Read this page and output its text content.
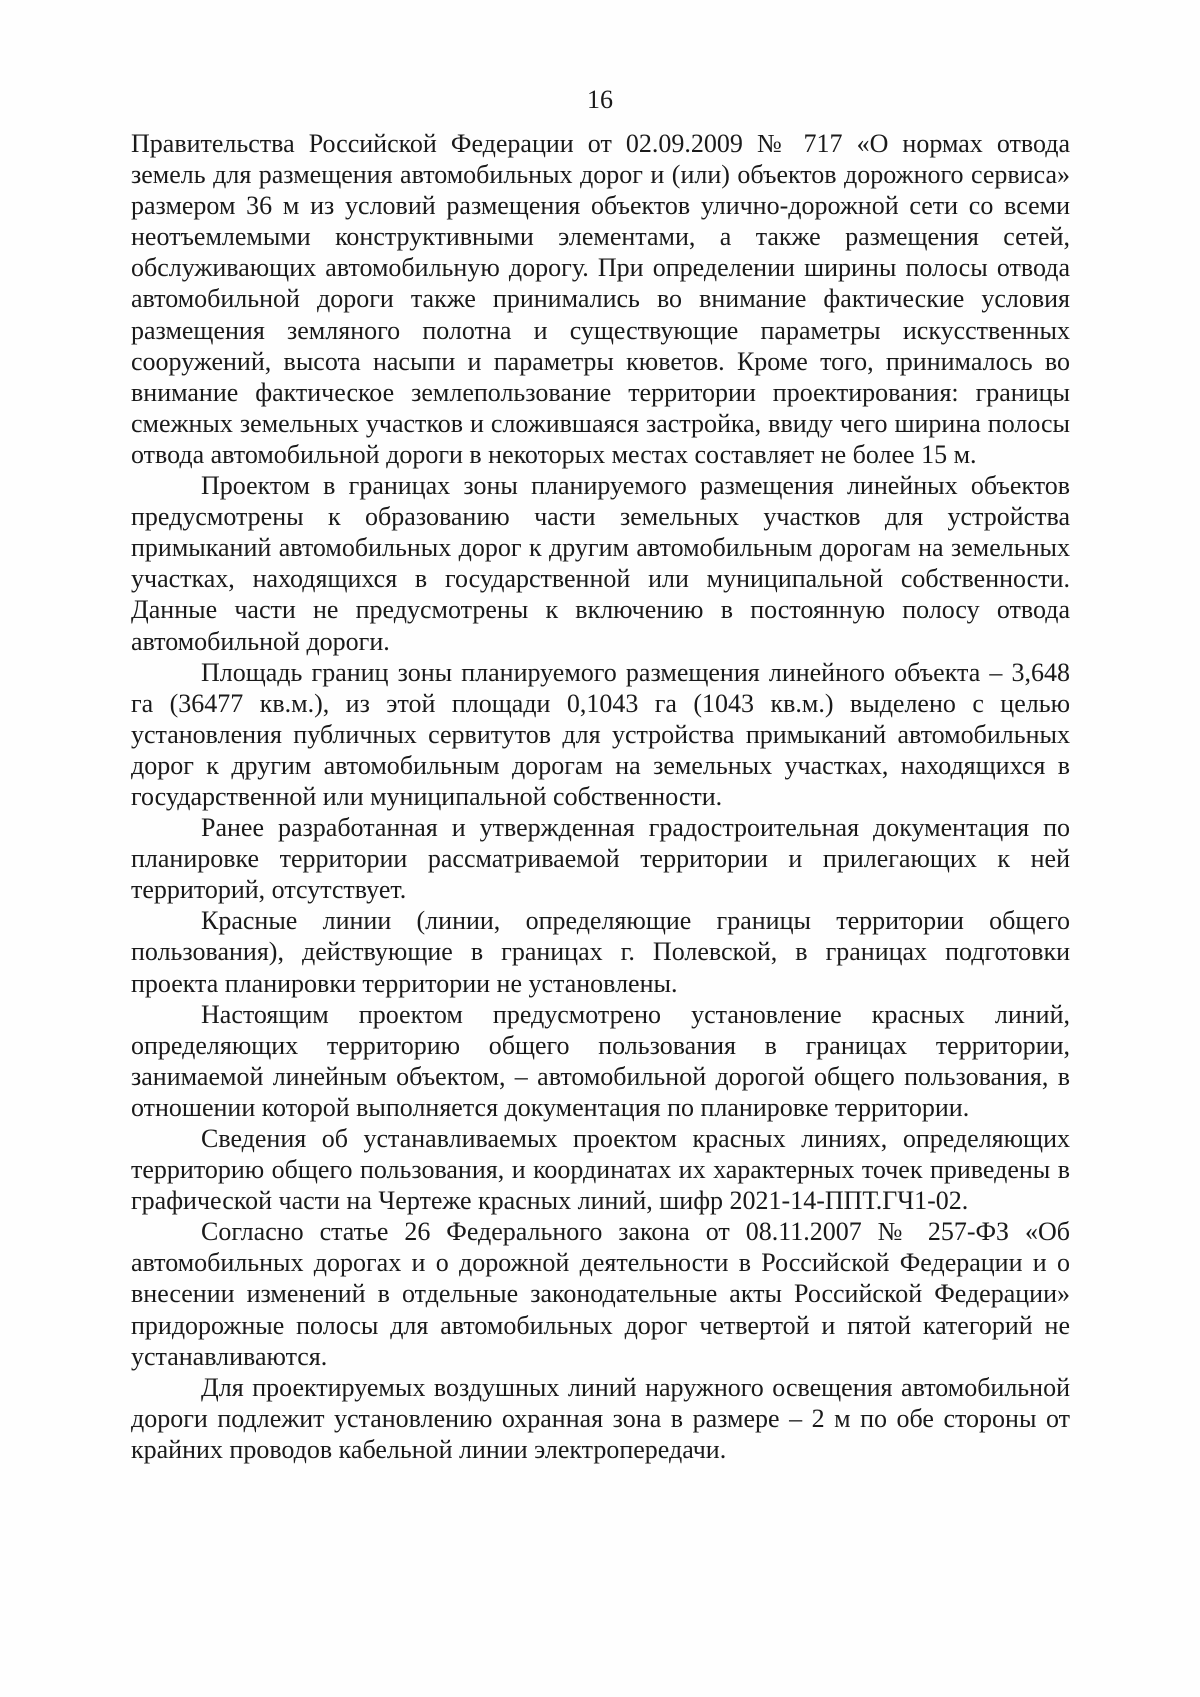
16

Правительства Российской Федерации от 02.09.2009 № 717 «О нормах отвода земель для размещения автомобильных дорог и (или) объектов дорожного сервиса» размером 36 м из условий размещения объектов улично-дорожной сети со всеми неотъемлемыми конструктивными элементами, а также размещения сетей, обслуживающих автомобильную дорогу. При определении ширины полосы отвода автомобильной дороги также принимались во внимание фактические условия размещения земляного полотна и существующие параметры искусственных сооружений, высота насыпи и параметры кюветов. Кроме того, принималось во внимание фактическое землепользование территории проектирования: границы смежных земельных участков и сложившаяся застройка, ввиду чего ширина полосы отвода автомобильной дороги в некоторых местах составляет не более 15 м.

Проектом в границах зоны планируемого размещения линейных объектов предусмотрены к образованию части земельных участков для устройства примыканий автомобильных дорог к другим автомобильным дорогам на земельных участках, находящихся в государственной или муниципальной собственности. Данные части не предусмотрены к включению в постоянную полосу отвода автомобильной дороги.

Площадь границ зоны планируемого размещения линейного объекта – 3,648 га (36477 кв.м.), из этой площади 0,1043 га (1043 кв.м.) выделено с целью установления публичных сервитутов для устройства примыканий автомобильных дорог к другим автомобильным дорогам на земельных участках, находящихся в государственной или муниципальной собственности.

Ранее разработанная и утвержденная градостроительная документация по планировке территории рассматриваемой территории и прилегающих к ней территорий, отсутствует.

Красные линии (линии, определяющие границы территории общего пользования), действующие в границах г. Полевской, в границах подготовки проекта планировки территории не установлены.

Настоящим проектом предусмотрено установление красных линий, определяющих территорию общего пользования в границах территории, занимаемой линейным объектом, – автомобильной дорогой общего пользования, в отношении которой выполняется документация по планировке территории.

Сведения об устанавливаемых проектом красных линиях, определяющих территорию общего пользования, и координатах их характерных точек приведены в графической части на Чертеже красных линий, шифр 2021-14-ППТ.ГЧ1-02.

Согласно статье 26 Федерального закона от 08.11.2007 № 257-ФЗ «Об автомобильных дорогах и о дорожной деятельности в Российской Федерации и о внесении изменений в отдельные законодательные акты Российской Федерации» придорожные полосы для автомобильных дорог четвертой и пятой категорий не устанавливаются.

Для проектируемых воздушных линий наружного освещения автомобильной дороги подлежит установлению охранная зона в размере – 2 м по обе стороны от крайних проводов кабельной линии электропередачи.
